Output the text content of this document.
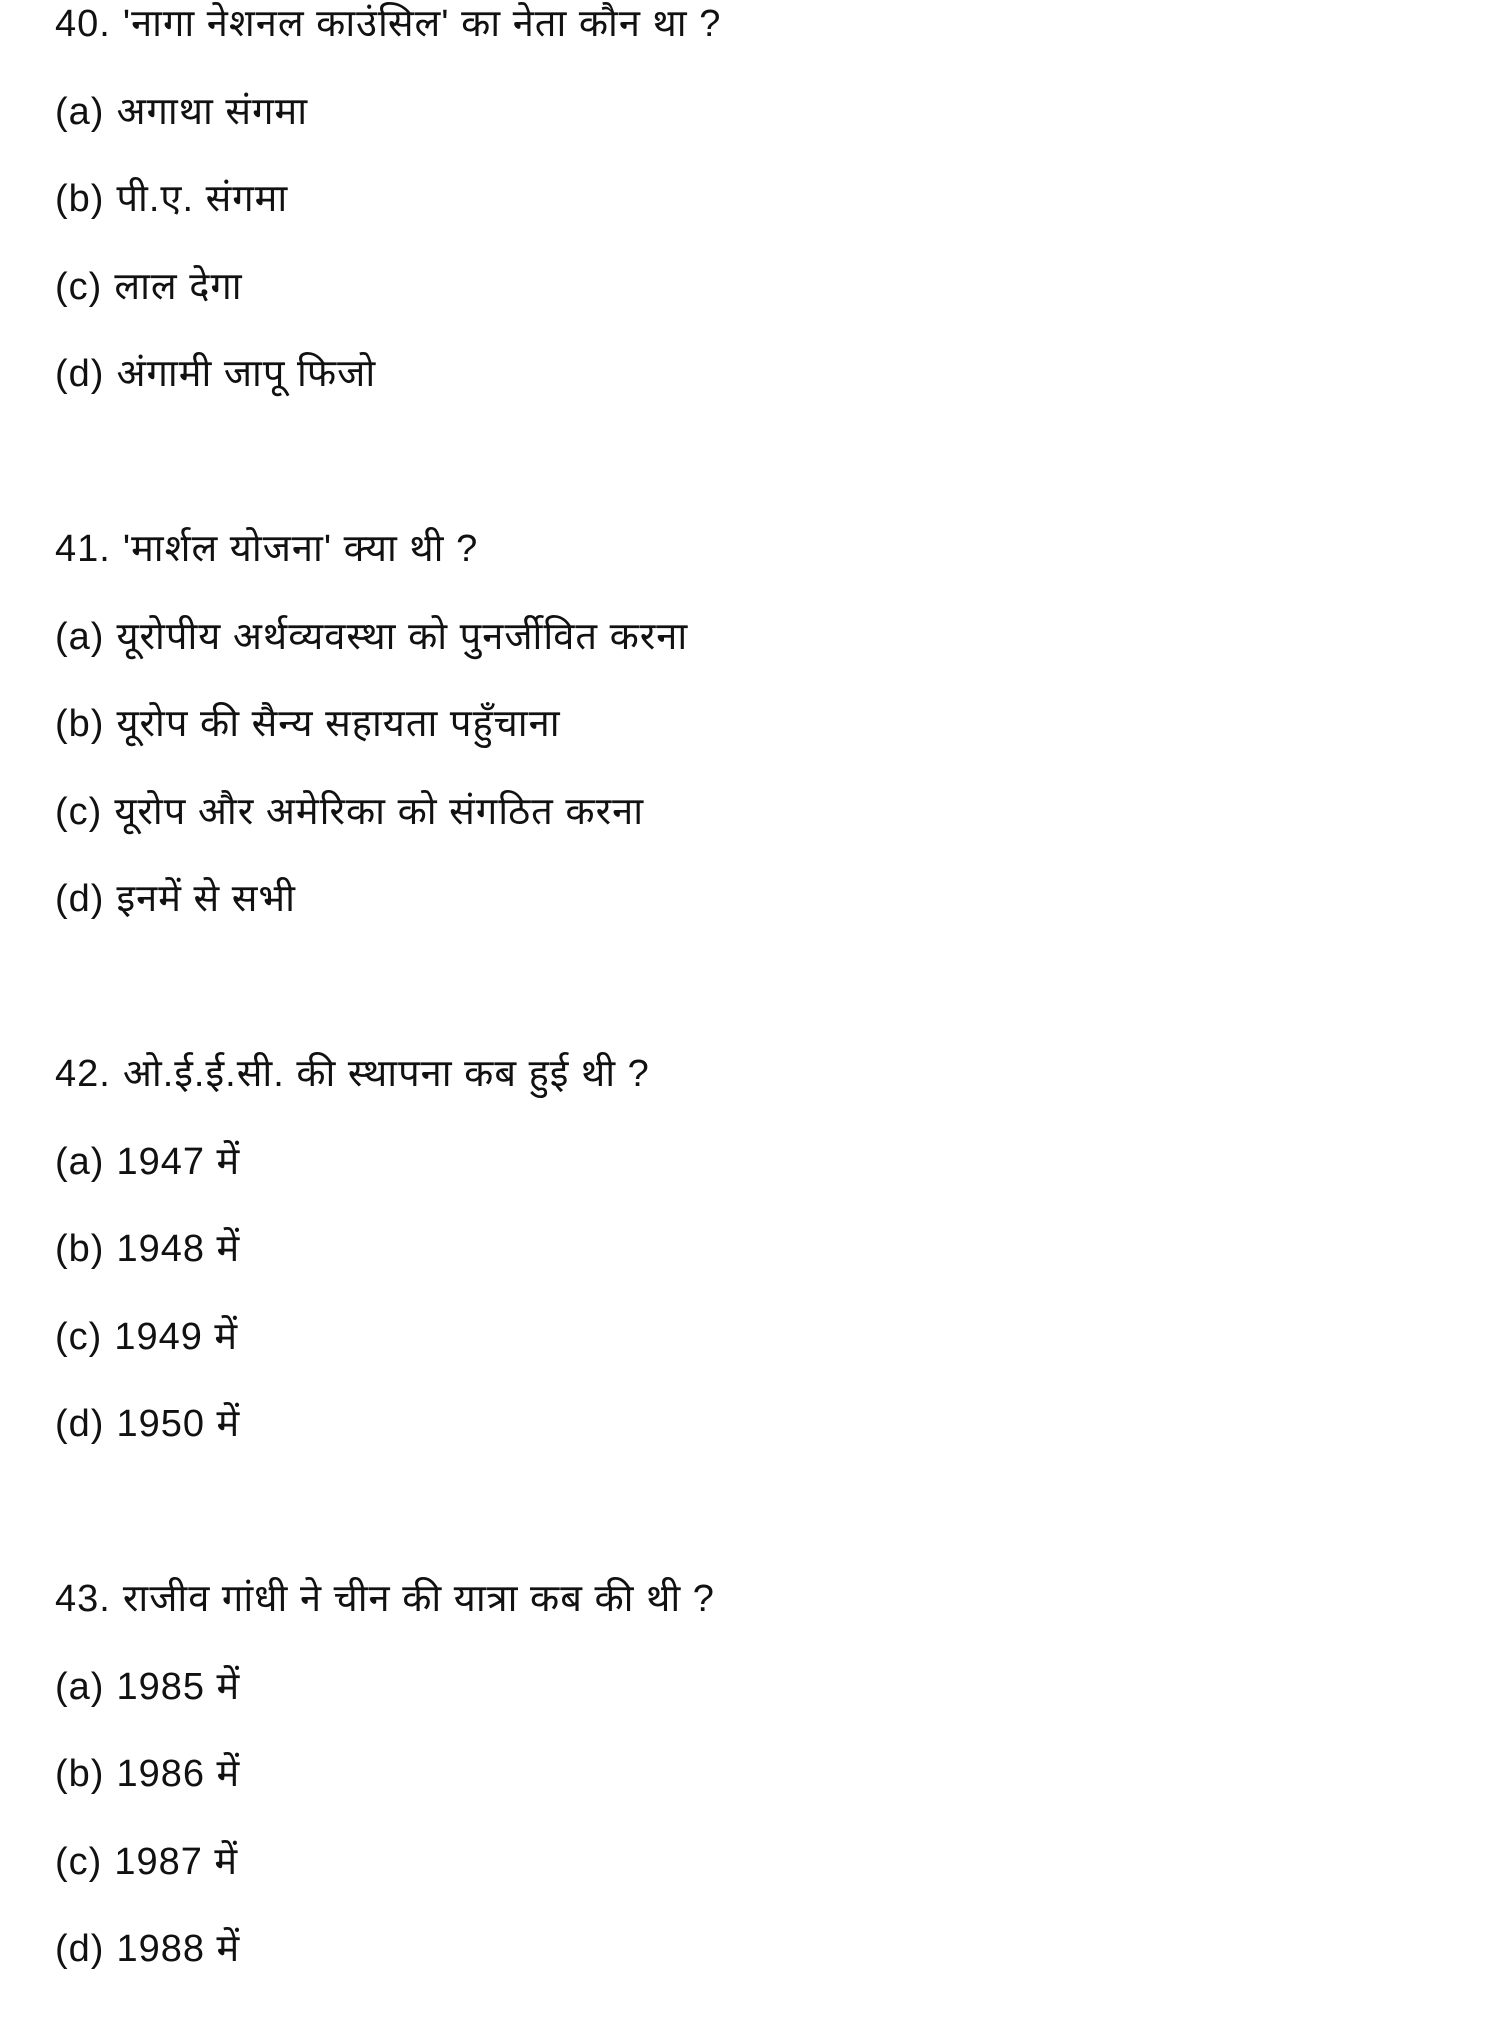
40. 'नागा नेशनल काउंसिल' का नेता कौन था ?
(a) अगाथा संगमा
(b) पी.ए. संगमा
(c) लाल देगा
(d) अंगामी जापू फिजो
41. 'मार्शल योजना' क्या थी ?
(a) यूरोपीय अर्थव्यवस्था को पुनर्जीवित करना
(b) यूरोप की सैन्य सहायता पहुँचाना
(c) यूरोप और अमेरिका को संगठित करना
(d) इनमें से सभी
42. ओ.ई.ई.सी. की स्थापना कब हुई थी ?
(a) 1947 में
(b) 1948 में
(c) 1949 में
(d) 1950 में
43. राजीव गांधी ने चीन की यात्रा कब की थी ?
(a) 1985 में
(b) 1986 में
(c) 1987 में
(d) 1988 में
